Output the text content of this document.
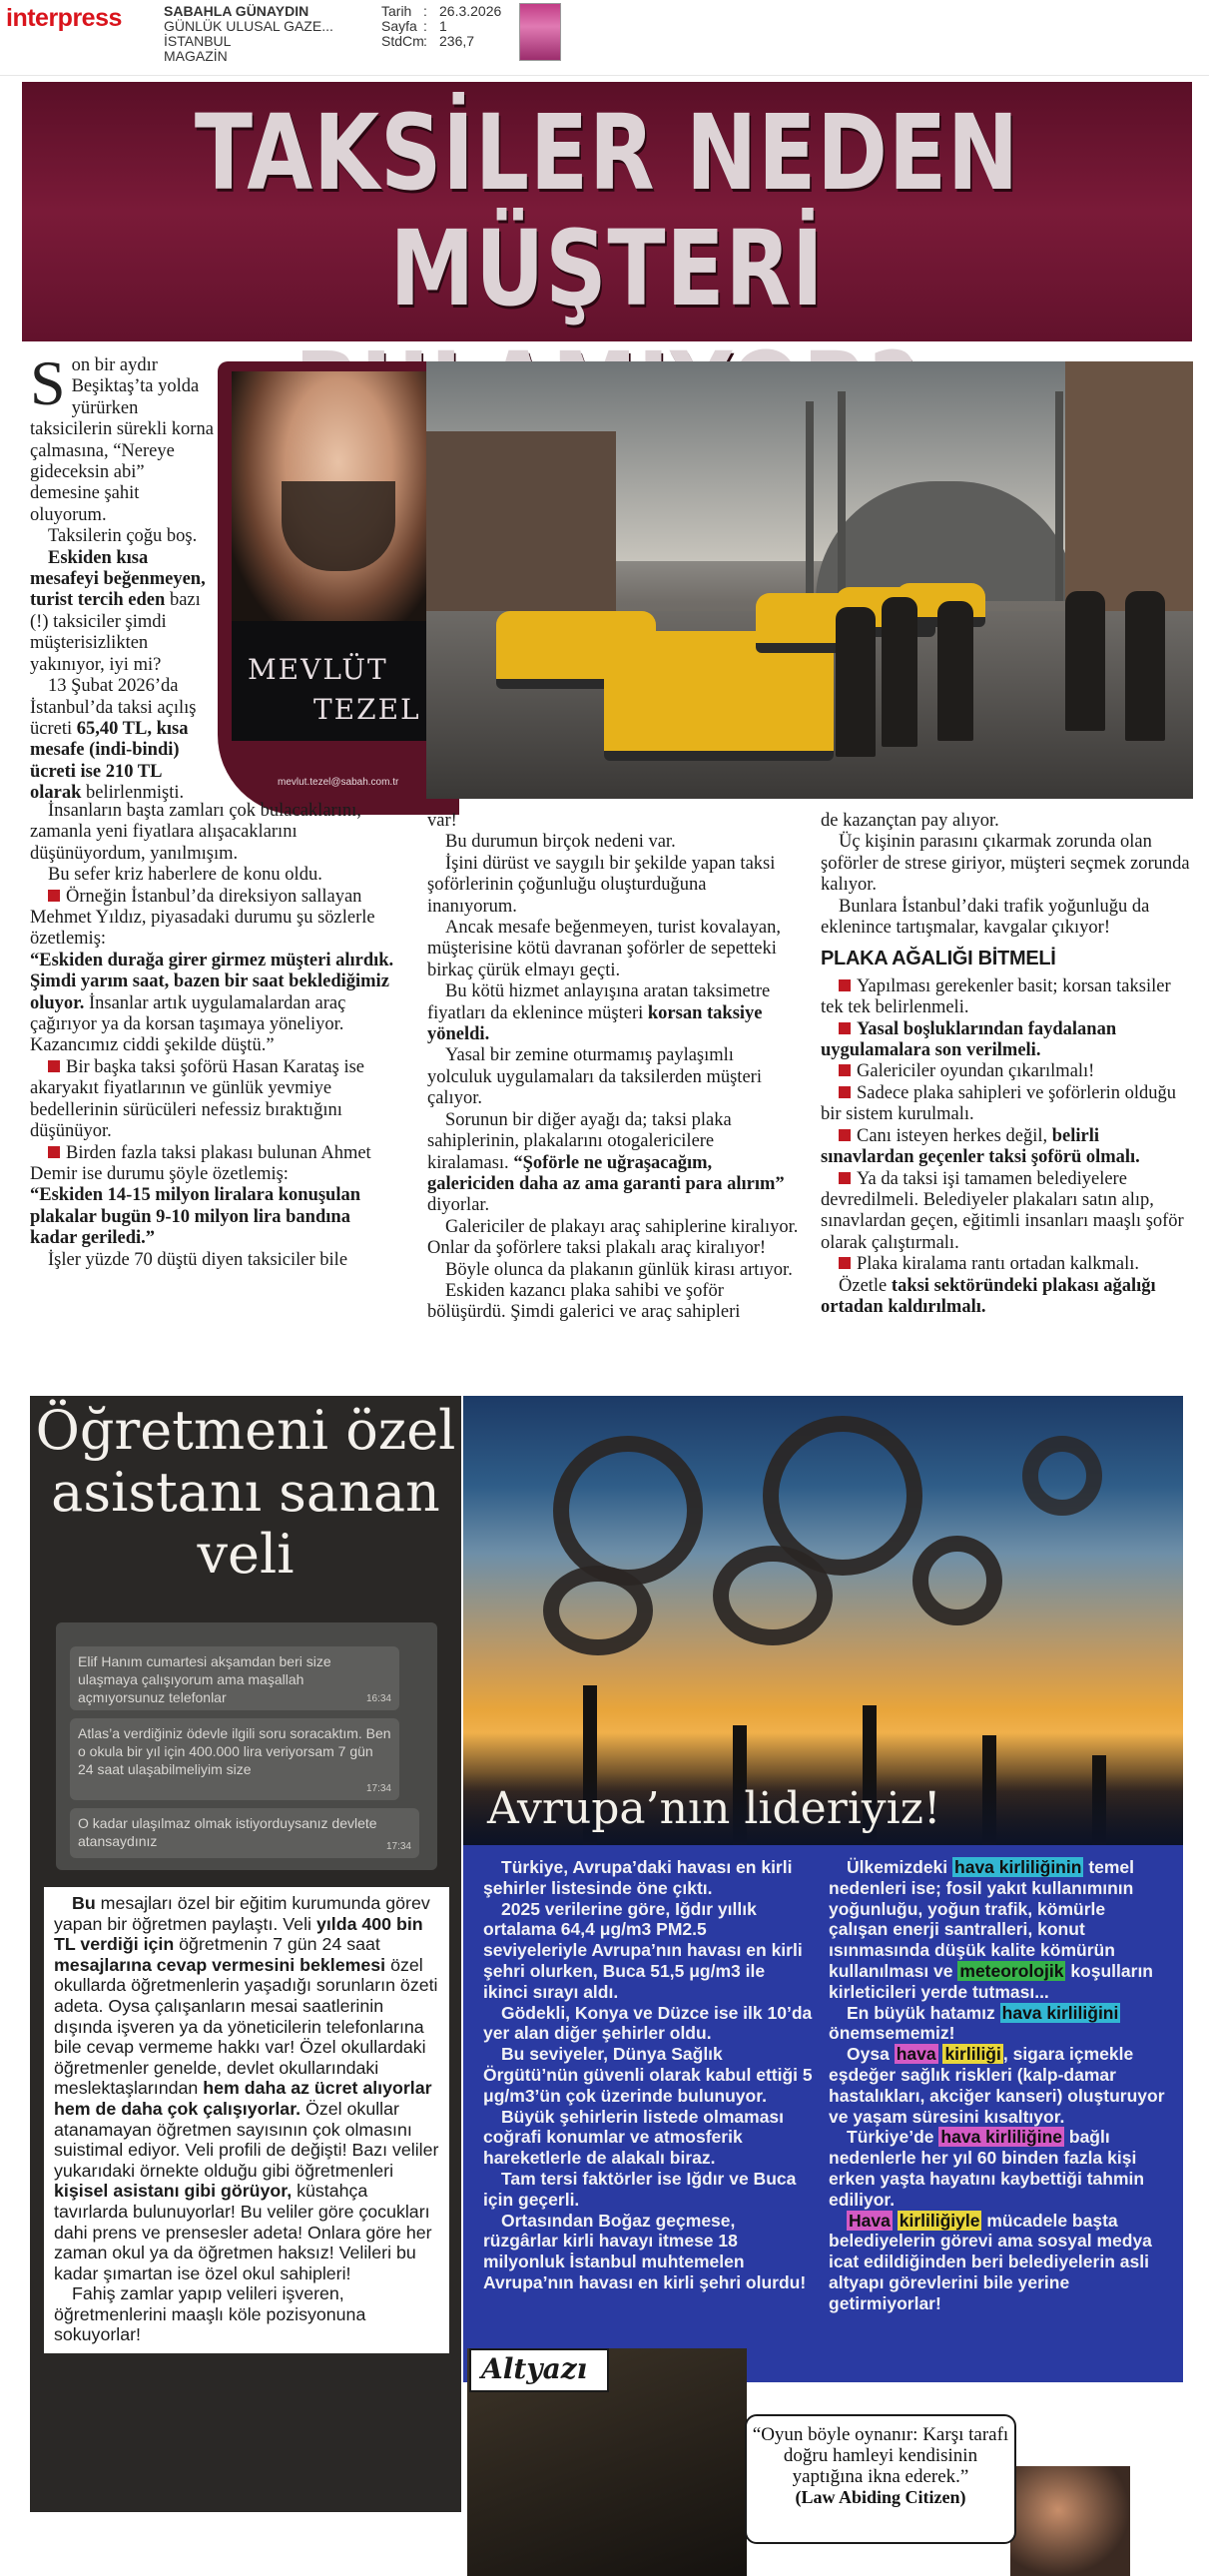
interpress	SABAHLA GÜNAYDIN
GÜNLÜK ULUSAL GAZE...
İSTANBUL
MAGAZİN
Tarih : 26.3.2026
Sayfa : 1
StdCm : 236,7
TAKSİLER NEDEN
MÜŞTERİ

Son bir aydır Beşiktaş’ta yolda yürürken taksicilerin sürekli korna çalmasına, “Nereye gideceksin abi” demesine şahit oluyorum.

Taksilerin çoğu boş.

Eskiden kısa mesafeyi beğenmeyen, turist tercih eden bazı (!) taksiciler şimdi müşterisizlikten yakınıyor, iyi mi?

13 Şubat 2026’da İstanbul’da taksi açılış ücreti 65,40 TL, kısa mesafe (indi-bindi) ücreti ise 210 TL olarak belirlenmişti.

MEVLÜT
TEZEL
mevlut.tezel@sabah.com.tr

İnsanların başta zamları çok bulacaklarını, zamanla yeni fiyatlara alışacaklarını düşünüyordum, yanılmışım.

Bu sefer kriz haberlere de konu oldu.

Örneğin İstanbul’da direksiyon sallayan Mehmet Yıldız, piyasadaki durumu şu sözlerle özetlemiş:

“Eskiden durağa girer girmez müşteri alırdık. Şimdi yarım saat, bazen bir saat beklediğimiz oluyor. İnsanlar artık uygulamalardan araç çağırıyor ya da korsan taşımaya yöneliyor. Kazancımız ciddi şekilde düştü.”

Bir başka taksi şoförü Hasan Karataş ise akaryakıt fiyatlarının ve günlük yevmiye bedellerinin sürücüleri nefessiz bıraktığını düşünüyor.

Birden fazla taksi plakası bulunan Ahmet Demir ise durumu şöyle özetlemiş:

“Eskiden 14-15 milyon liralara konuşulan plakalar bugün 9-10 milyon lira bandına kadar geriledi.”

İşler yüzde 70 düştü diyen taksiciler bile

var!

Bu durumun birçok nedeni var.

İşini dürüst ve saygılı bir şekilde yapan taksi şoförlerinin çoğunluğu oluşturduğuna inanıyorum.

Ancak mesafe beğenmeyen, turist kovalayan, müşterisine kötü davranan şoförler de sepetteki birkaç çürük elmayı geçti.

Bu kötü hizmet anlayışına aratan taksimetre fiyatları da eklenince müşteri korsan taksiye yöneldi.

Yasal bir zemine oturmamış paylaşımlı yolculuk uygulamaları da taksilerden müşteri çalıyor.

Sorunun bir diğer ayağı da; taksi plaka sahiplerinin, plakalarını otogalericilere kiralaması. “Şoförle ne uğraşacağım, galericiden daha az ama garanti para alırım” diyorlar.

Galericiler de plakayı araç sahiplerine kiralıyor. Onlar da şoförlere taksi plakalı araç kiralıyor!

Böyle olunca da plakanın günlük kirası artıyor.

Eskiden kazancı plaka sahibi ve şoför bölüşürdü. Şimdi galerici ve araç sahipleri

de kazançtan pay alıyor.

Üç kişinin parasını çıkarmak zorunda olan şoförler de strese giriyor, müşteri seçmek zorunda kalıyor.

Bunlara İstanbul’daki trafik yoğunluğu da eklenince tartışmalar, kavgalar çıkıyor!

PLAKA AĞALIĞI BİTMELİ

Yapılması gerekenler basit; korsan taksiler tek tek belirlenmeli.

Yasal boşluklarından faydalanan uygulamalara son verilmeli.

Galericiler oyundan çıkarılmalı!

Sadece plaka sahipleri ve şoförlerin olduğu bir sistem kurulmalı.

Canı isteyen herkes değil, belirli sınavlardan geçenler taksi şoförü olmalı.

Ya da taksi işi tamamen belediyelere devredilmeli. Belediyeler plakaları satın alıp, sınavlardan geçen, eğitimli insanları maaşlı şoför olarak çalıştırmalı.

Plaka kiralama rantı ortadan kalkmalı.

Özetle taksi sektöründeki plakası ağalığı ortadan kaldırılmalı.

Öğretmeni özel asistanı sanan veli
Elif Hanım cumartesi akşamdan beri size ulaşmaya çalışıyorum ama maşallah açmıyorsunuz telefonlar	16:34
Atlas’a verdiğiniz ödevle ilgili soru soracaktım. Ben o okula bir yıl için 400.000 lira veriyorsam 7 gün 24 saat ulaşabilmeliyim size
17:34
O kadar ulaşılmaz olmak istiyorduysanız devlete atansaydınız	17:34

Bu mesajları özel bir eğitim kurumunda görev yapan bir öğretmen paylaştı. Veli yılda 400 bin TL verdiği için öğretmenin 7 gün 24 saat mesajlarına cevap vermesini beklemesi özel okullarda öğretmenlerin yaşadığı sorunların özeti adeta. Oysa çalışanların mesai saatlerinin dışında işveren ya da yöneticilerin telefonlarına bile cevap vermeme hakkı var! Özel okullardaki öğretmenler genelde, devlet okullarındaki meslektaşlarından hem daha az ücret alıyorlar hem de daha çok çalışıyorlar. Özel okullar atanamayan öğretmen sayısının çok olmasını suistimal ediyor. Veli profili de değişti! Bazı veliler yukarıdaki örnekte olduğu gibi öğretmenleri kişisel asistanı gibi görüyor, küstahça tavırlarda bulunuyorlar! Bu veliler göre çocukları dahi prens ve prensesler adeta! Onlara göre her zaman okul ya da öğretmen haksız! Velileri bu kadar şımartan ise özel okul sahipleri!

Fahiş zamlar yapıp velileri işveren, öğretmenlerini maaşlı köle pozisyonuna sokuyorlar!

Avrupa’nın lideriyiz!

Türkiye, Avrupa’daki havası en kirli şehirler listesinde öne çıktı.

2025 verilerine göre, Iğdır yıllık ortalama 64,4 μg/m3 PM2.5 seviyeleriyle Avrupa’nın havası en kirli şehri olurken, Buca 51,5 μg/m3 ile ikinci sırayı aldı.

Gödekli, Konya ve Düzce ise ilk 10’da yer alan diğer şehirler oldu.

Bu seviyeler, Dünya Sağlık Örgütü’nün güvenli olarak kabul ettiği 5 μg/m3’ün çok üzerinde bulunuyor.

Büyük şehirlerin listede olmaması coğrafi konumlar ve atmosferik hareketlerle de alakalı biraz.

Tam tersi faktörler ise Iğdır ve Buca için geçerli.

Ortasından Boğaz geçmese, rüzgârlar kirli havayı itmese 18 milyonluk İstanbul muhtemelen Avrupa’nın havası en kirli şehri olurdu!

Ülkemizdeki hava kirliliğinin temel nedenleri ise; fosil yakıt kullanımının yoğunluğu, yoğun trafik, kömürle çalışan enerji santralleri, konut ısınmasında düşük kalite kömürün kullanılması ve meteorolojik koşulların kirleticileri yerde tutması...

En büyük hatamız hava kirliliğini önemsememiz!

Oysa hava kirliliği , sigara içmekle eşdeğer sağlık riskleri (kalp-damar hastalıkları, akciğer kanseri) oluşturuyor ve yaşam süresini kısaltıyor.

Türkiye’de hava kirliliğine bağlı nedenlerle her yıl 60 binden fazla kişi erken yaşta hayatını kaybettiği tahmin ediliyor.

Hava kirliliğiyle mücadele başta belediyelerin görevi ama sosyal medya icat edildiğinden beri belediyelerin asli altyapı görevlerini bile yerine getirmiyorlar!

Altyazı
“Oyun böyle oynanır: Karşı tarafı doğru hamleyi kendisinin yaptığına ikna ederek.”
(Law Abiding Citizen)
